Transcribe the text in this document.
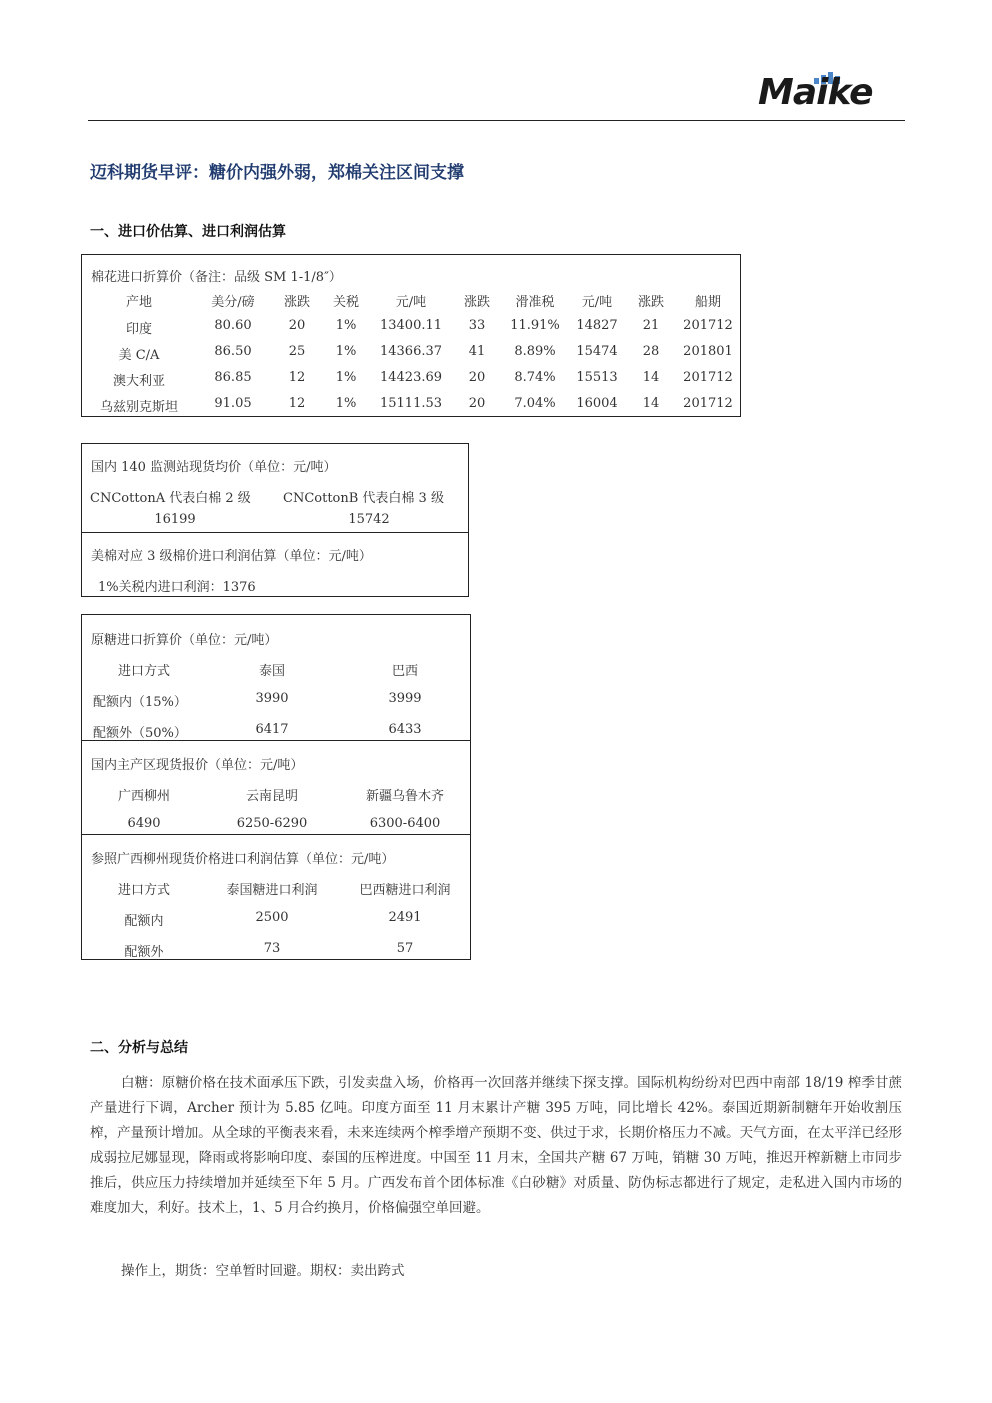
Maike
迈科期货早评：糖价内强外弱，郑棉关注区间支撑
一、进口价估算、进口利润估算
棉花进口折算价（备注：品级 SM 1-1/8″）
产地	美分/磅 涨跌 关税	元/吨	涨跌 滑准税 元/吨 涨跌 船期
印度	80.60	20 1% 13400.11 33 11.91% 14827 21 201712
美 C/A	86.50	25 1% 14366.37 41 8.89% 15474 28 201801
澳大利亚	86.85	12 1% 14423.69 20 8.74% 15513 14 201712
乌兹别克斯坦	91.05	12 1% 15111.53 20 7.04% 16004 14 201712
国内 140 监测站现货均价（单位：元/吨）
CNCottonA 代表白棉 2 级 CNCottonB 代表白棉 3 级
16199	15742
美棉对应 3 级棉价进口利润估算（单位：元/吨）
1%关税内进口利润：1376
原糖进口折算价（单位：元/吨）
进口方式	泰国	巴西
配额内（15%）	3990	3999
配额外（50%）	6417	6433
国内主产区现货报价（单位：元/吨）
广西柳州	云南昆明	新疆乌鲁木齐
6490	6250-6290	6300-6400
参照广西柳州现货价格进口利润估算（单位：元/吨）
进口方式	泰国糖进口利润	巴西糖进口利润
配额内	2500	2491
配额外	73	57
二、分析与总结
白糖：原糖价格在技术面承压下跌，引发卖盘入场，价格再一次回落并继续下探支撑。国际机构纷纷对巴西中南部 18/19 榨季甘蔗产量进行下调，Archer 预计为 5.85 亿吨。印度方面至 11 月末累计产糖 395 万吨，同比增长 42%。泰国近期新制糖年开始收割压榨，产量预计增加。从全球的平衡表来看，未来连续两个榨季增产预期不变、供过于求，长期价格压力不减。天气方面，在太平洋已经形成弱拉尼娜显现，降雨或将影响印度、泰国的压榨进度。中国至 11 月末，全国共产糖 67 万吨，销糖 30 万吨，推迟开榨新糖上市同步推后，供应压力持续增加并延续至下年 5 月。广西发布首个团体标准《白砂糖》对质量、防伪标志都进行了规定，走私进入国内市场的难度加大，利好。技术上，1、5 月合约换月，价格偏强空单回避。
操作上，期货：空单暂时回避。期权：卖出跨式
